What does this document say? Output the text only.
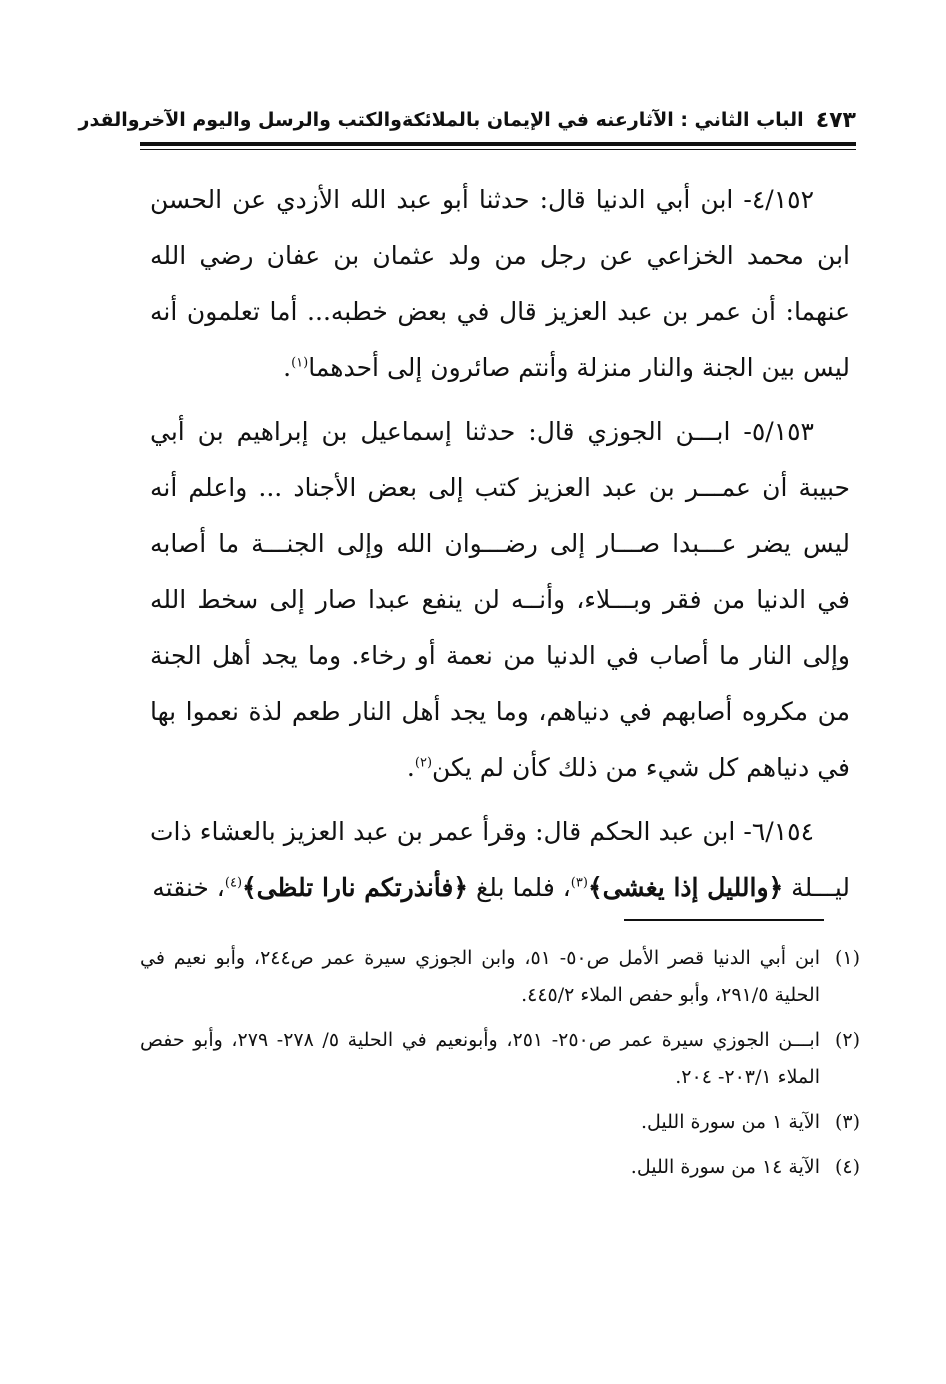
٤٧٣
الباب الثاني : الآثارعنه في الإيمان بالملائكةوالكتب والرسل واليوم الآخروالقدر

٤/١٥٢- ابن أبي الدنيا قال: حدثنا أبو عبد الله الأزدي عن الحسن ابن محمد الخزاعي عن رجل من ولد عثمان بن عفان رضي الله عنهما: أن عمر بن عبد العزيز قال في بعض خطبه... أما تعلمون أنه ليس بين الجنة والنار منزلة وأنتم صائرون إلى أحدهما$^{(١)}$.

٥/١٥٣- ابـــن الجوزي قال: حدثنا إسماعيل بن إبراهيم بن أبي حبيبة أن عمـــر بن عبد العزيز كتب إلى بعض الأجناد ... واعلم أنه ليس يضر عـــبدا صـــار إلى رضـــوان الله وإلى الجنـــة ما أصابه في الدنيا من فقر وبـــلاء، وأنــه لن ينفع عبدا صار إلى سخط الله وإلى النار ما أصاب في الدنيا من نعمة أو رخاء. وما يجد أهل الجنة من مكروه أصابهم في دنياهم، وما يجد أهل النار طعم لذة نعموا بها في دنياهم كل شيء من ذلك كأن لم يكن$^{(٢)}$.

٦/١٥٤- ابن عبد الحكم قال: وقرأ عمر بن عبد العزيز بالعشاء ذات ليـــلة ﴿والليل إذا يغشى﴾$^{(٣)}$، فلما بلغ ﴿فأنذرتكم نارا تلظى﴾$^{(٤)}$، خنقته

(١)
ابن أبي الدنيا قصر الأمل ص٥٠- ٥١، وابن الجوزي سيرة عمر ص٢٤٤، وأبو نعيم في الحلية ٢٩١/٥، وأبو حفص الملاء ٤٤٥/٢.
(٢)
ابـــن الجوزي سيرة عمر ص٢٥٠- ٢٥١، وأبونعيم في الحلية ٥/ ٢٧٨- ٢٧٩، وأبو حفص الملاء ٢٠٣/١- ٢٠٤.
(٣)
الآية ١ من سورة الليل.
(٤)
الآية ١٤ من سورة الليل.
